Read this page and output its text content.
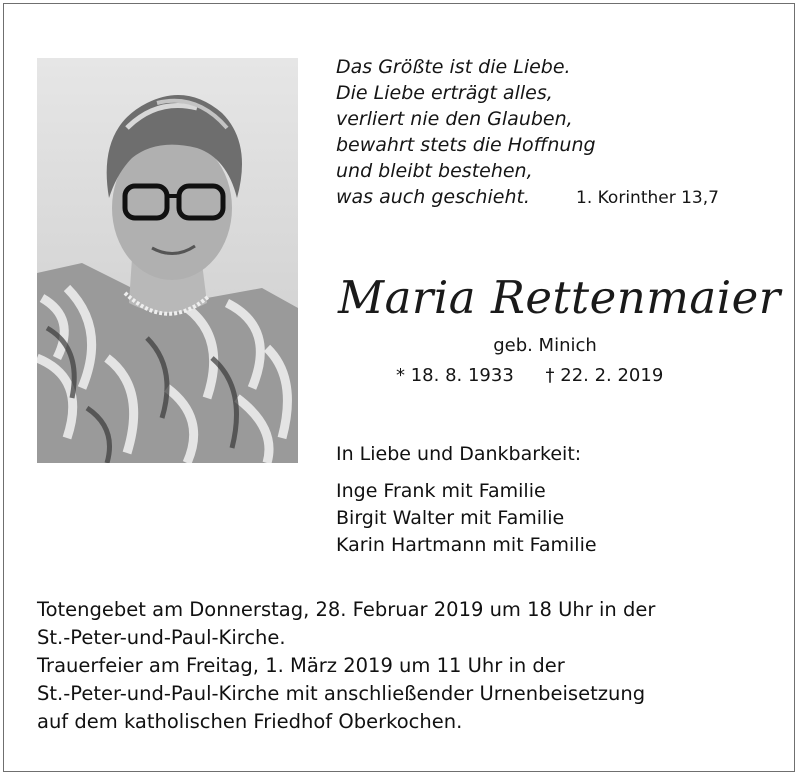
Das Größte ist die Liebe.
Die Liebe erträgt alles,
verliert nie den Glauben,
bewahrt stets die Hoffnung
und bleibt bestehen,
was auch geschieht.	1. Korinther 13,7
Maria Rettenmaier
geb. Minich
* 18. 8. 1933 † 22. 2. 2019
In Liebe und Dankbarkeit:
Inge Frank mit Familie
Birgit Walter mit Familie
Karin Hartmann mit Familie
Totengebet am Donnerstag, 28. Februar 2019 um 18 Uhr in der
St.-Peter-und-Paul-Kirche.
Trauerfeier am Freitag, 1. März 2019 um 11 Uhr in der
St.-Peter-und-Paul-Kirche mit anschließender Urnenbeisetzung
auf dem katholischen Friedhof Oberkochen.
